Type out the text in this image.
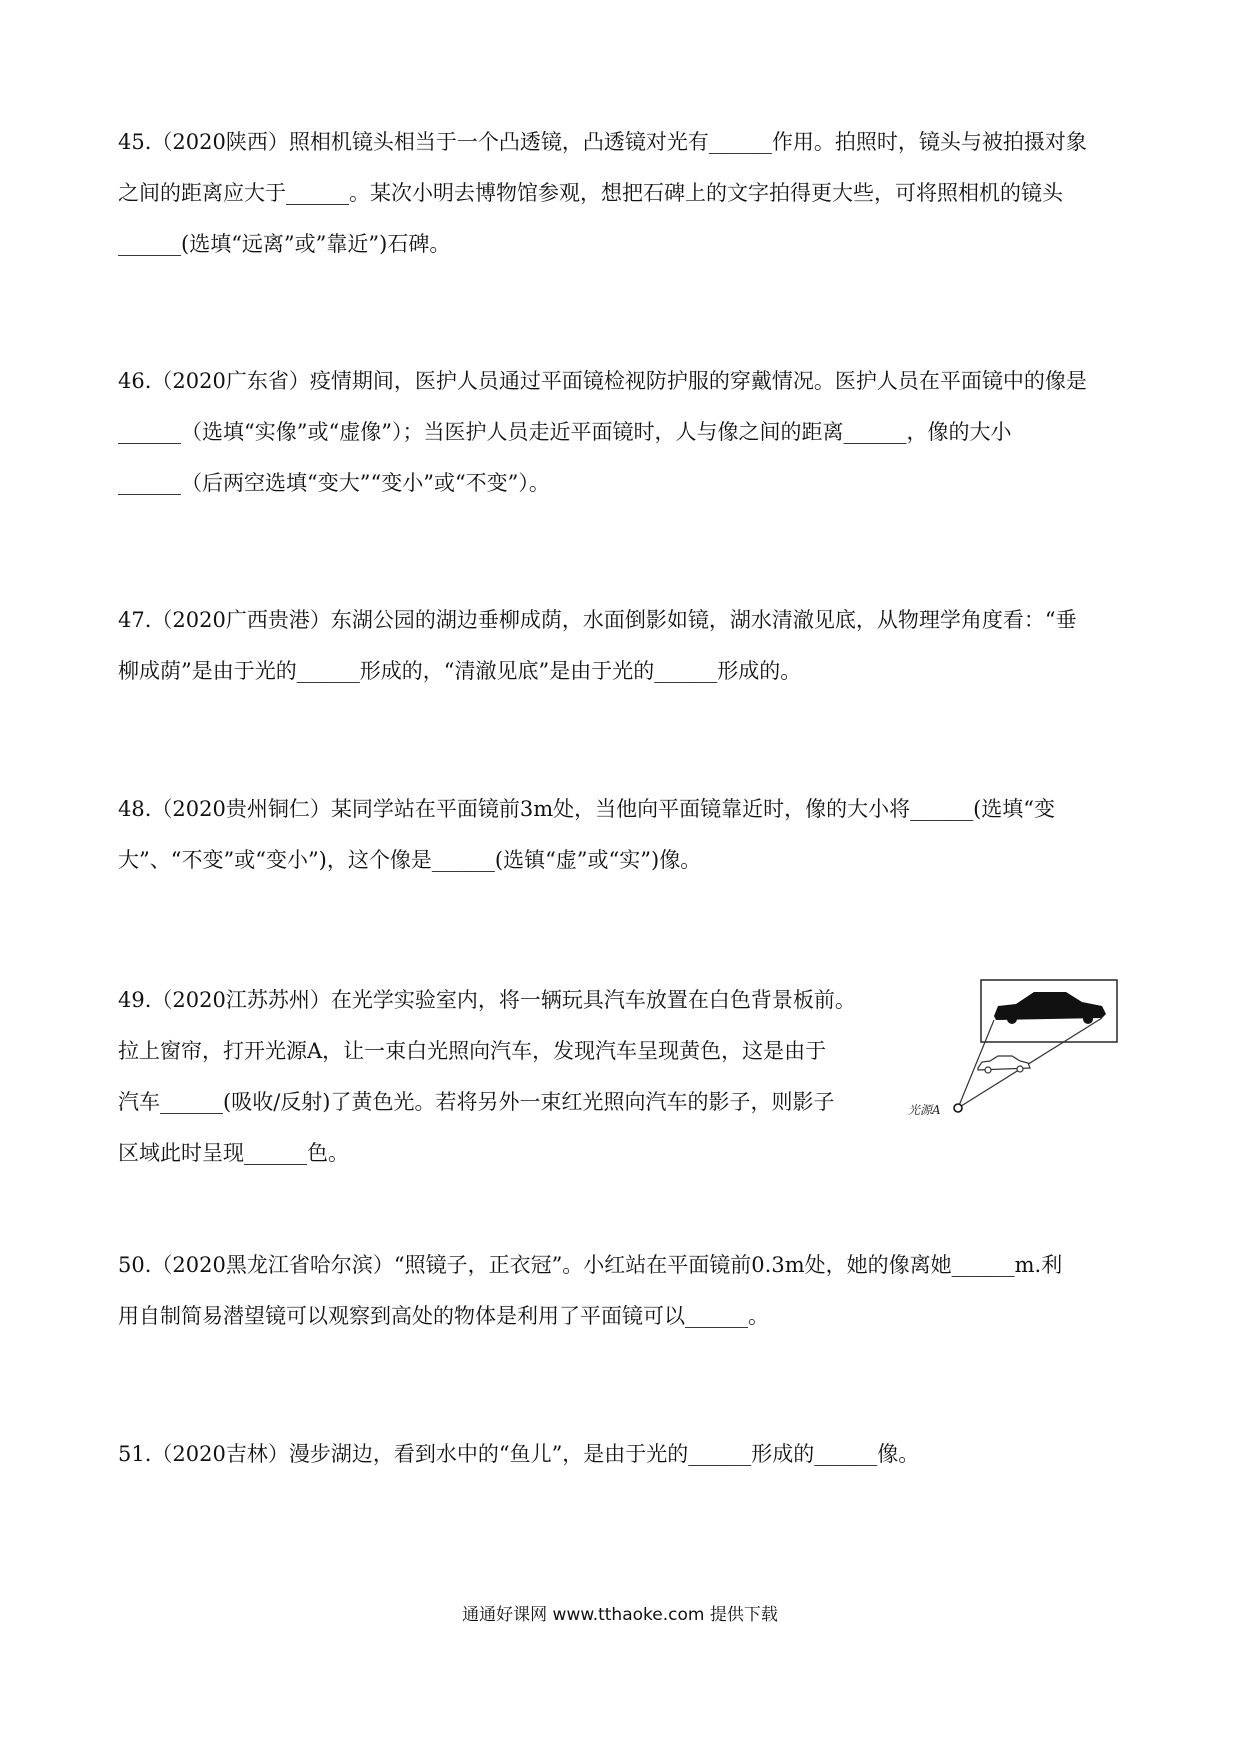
45.（2020陕西）照相机镜头相当于一个凸透镜，凸透镜对光有______作用。拍照时，镜头与被拍摄对象
之间的距离应大于______。某次小明去博物馆参观，想把石碑上的文字拍得更大些，可将照相机的镜头
______(选填“远离”或”靠近”)石碑。
46.（2020广东省）疫情期间，医护人员通过平面镜检视防护服的穿戴情况。医护人员在平面镜中的像是
______（选填“实像”或“虚像”）；当医护人员走近平面镜时，人与像之间的距离______，像的大小
______（后两空选填“变大”“变小”或“不变”）。
47.（2020广西贵港）东湖公园的湖边垂柳成荫，水面倒影如镜，湖水清澈见底，从物理学角度看：“垂
柳成荫”是由于光的______形成的，“清澈见底”是由于光的______形成的。
48.（2020贵州铜仁）某同学站在平面镜前3m处，当他向平面镜靠近时，像的大小将______(选填“变
大”、“不变”或“变小”)，这个像是______(选镇“虚”或“实”)像。
49.（2020江苏苏州）在光学实验室内，将一辆玩具汽车放置在白色背景板前。
拉上窗帘，打开光源A，让一束白光照向汽车，发现汽车呈现黄色，这是由于
汽车______(吸收/反射)了黄色光。若将另外一束红光照向汽车的影子，则影子
区域此时呈现______色。
光源A
50.（2020黑龙江省哈尔滨）“照镜子，正衣冠”。小红站在平面镜前0.3m处，她的像离她______m.利
用自制简易潜望镜可以观察到高处的物体是利用了平面镜可以______。
51.（2020吉林）漫步湖边，看到水中的“鱼儿”，是由于光的______形成的______像。
通通好课网 www.tthaoke.com 提供下载
